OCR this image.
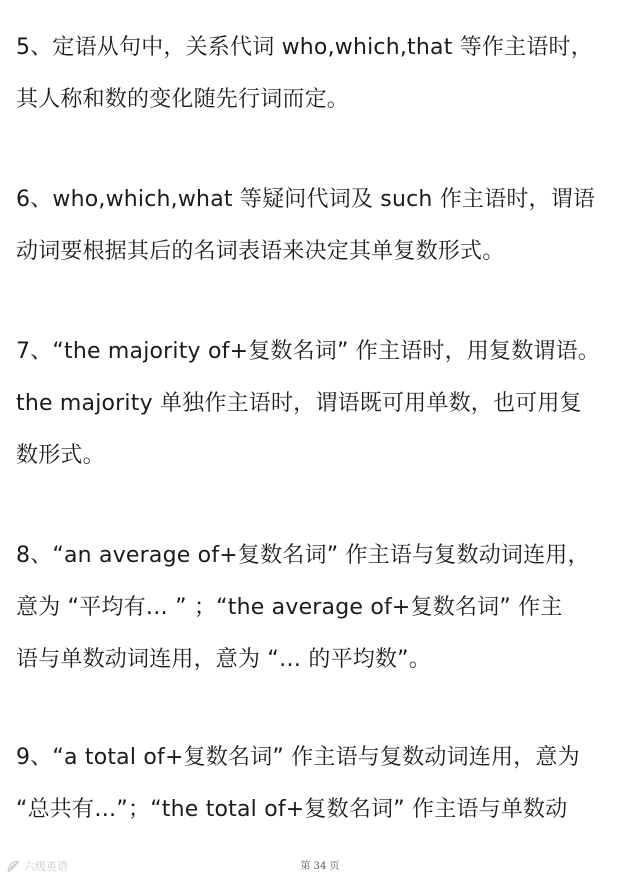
5、定语从句中，关系代词 who,which,that 等作主语时，
其人称和数的变化随先行词而定。
6、who,which,what 等疑问代词及 such 作主语时，谓语
动词要根据其后的名词表语来决定其单复数形式。
7、“the majority of+复数名词” 作主语时，用复数谓语。
the majority 单独作主语时，谓语既可用单数，也可用复
数形式。
8、“an average of+复数名词” 作主语与复数动词连用，
意为 “平均有… ” ；“the average of+复数名词” 作主
语与单数动词连用，意为 “… 的平均数”。
9、“a total of+复数名词” 作主语与复数动词连用，意为
“总共有…”；“the total of+复数名词” 作主语与单数动
六级英语	第 34 页
